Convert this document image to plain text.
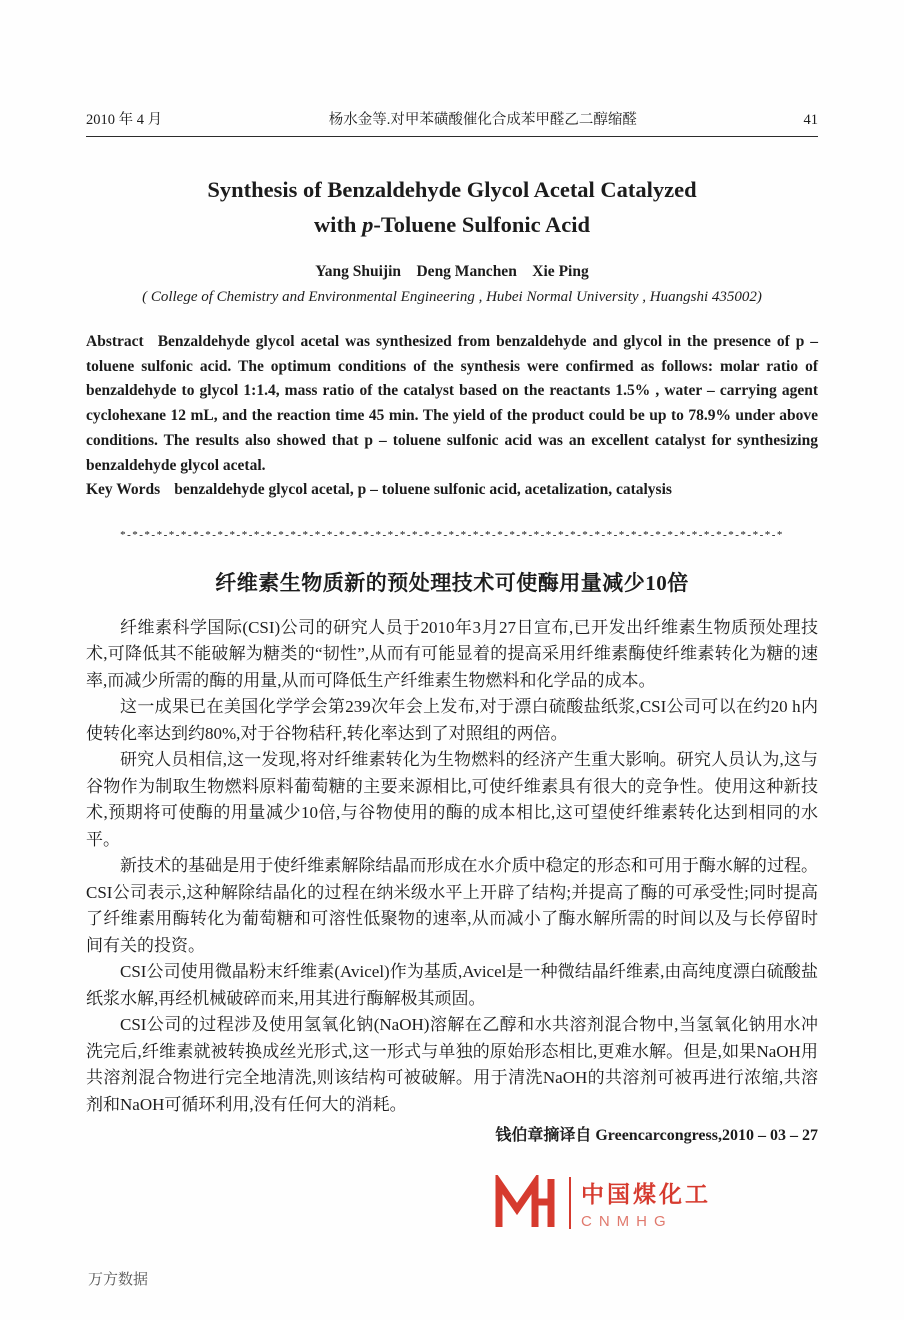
2010 年 4 月	杨水金等.对甲苯磺酸催化合成苯甲醛乙二醇缩醛	41
Synthesis of Benzaldehyde Glycol Acetal Catalyzed
with p-Toluene Sulfonic Acid
Yang Shuijin Deng Manchen Xie Ping
( College of Chemistry and Environmental Engineering , Hubei Normal University , Huangshi 435002)
Abstract Benzaldehyde glycol acetal was synthesized from benzaldehyde and glycol in the presence of p – toluene sulfonic acid. The optimum conditions of the synthesis were confirmed as follows: molar ratio of benzaldehyde to glycol 1:1.4, mass ratio of the catalyst based on the reactants 1.5% , water – carrying agent cyclohexane 12 mL, and the reaction time 45 min. The yield of the product could be up to 78.9% under above conditions. The results also showed that p – toluene sulfonic acid was an excellent catalyst for synthesizing benzaldehyde glycol acetal.
Key Words benzaldehyde glycol acetal, p – toluene sulfonic acid, acetalization, catalysis
*-*-*-*-*-*-*-*-*-*-*-*-*-*-*-*-*-*-*-*-*-*-*-*-*-*-*-*-*-*-*-*-*-*-*-*-*-*-*-*-*-*-*-*-*-*-*-*-*-*-*-*-*-*-*
纤维素生物质新的预处理技术可使酶用量减少10倍

纤维素科学国际(CSI)公司的研究人员于2010年3月27日宣布,已开发出纤维素生物质预处理技术,可降低其不能破解为糖类的“韧性”,从而有可能显着的提高采用纤维素酶使纤维素转化为糖的速率,而减少所需的酶的用量,从而可降低生产纤维素生物燃料和化学品的成本。

这一成果已在美国化学学会第239次年会上发布,对于漂白硫酸盐纸浆,CSI公司可以在约20 h内使转化率达到约80%,对于谷物秸秆,转化率达到了对照组的两倍。

研究人员相信,这一发现,将对纤维素转化为生物燃料的经济产生重大影响。研究人员认为,这与谷物作为制取生物燃料原料葡萄糖的主要来源相比,可使纤维素具有很大的竞争性。使用这种新技术,预期将可使酶的用量减少10倍,与谷物使用的酶的成本相比,这可望使纤维素转化达到相同的水平。

新技术的基础是用于使纤维素解除结晶而形成在水介质中稳定的形态和可用于酶水解的过程。CSI公司表示,这种解除结晶化的过程在纳米级水平上开辟了结构;并提高了酶的可承受性;同时提高了纤维素用酶转化为葡萄糖和可溶性低聚物的速率,从而减小了酶水解所需的时间以及与长停留时间有关的投资。

CSI公司使用微晶粉末纤维素(Avicel)作为基质,Avicel是一种微结晶纤维素,由高纯度漂白硫酸盐纸浆水解,再经机械破碎而来,用其进行酶解极其顽固。

CSI公司的过程涉及使用氢氧化钠(NaOH)溶解在乙醇和水共溶剂混合物中,当氢氧化钠用水冲洗完后,纤维素就被转换成丝光形式,这一形式与单独的原始形态相比,更难水解。但是,如果NaOH用共溶剂混合物进行完全地清洗,则该结构可被破解。用于清洗NaOH的共溶剂可被再进行浓缩,共溶剂和NaOH可循环利用,没有任何大的消耗。

钱伯章摘译自 Greencarcongress,2010 – 03 – 27
中国煤化工
CNMHG
万方数据
